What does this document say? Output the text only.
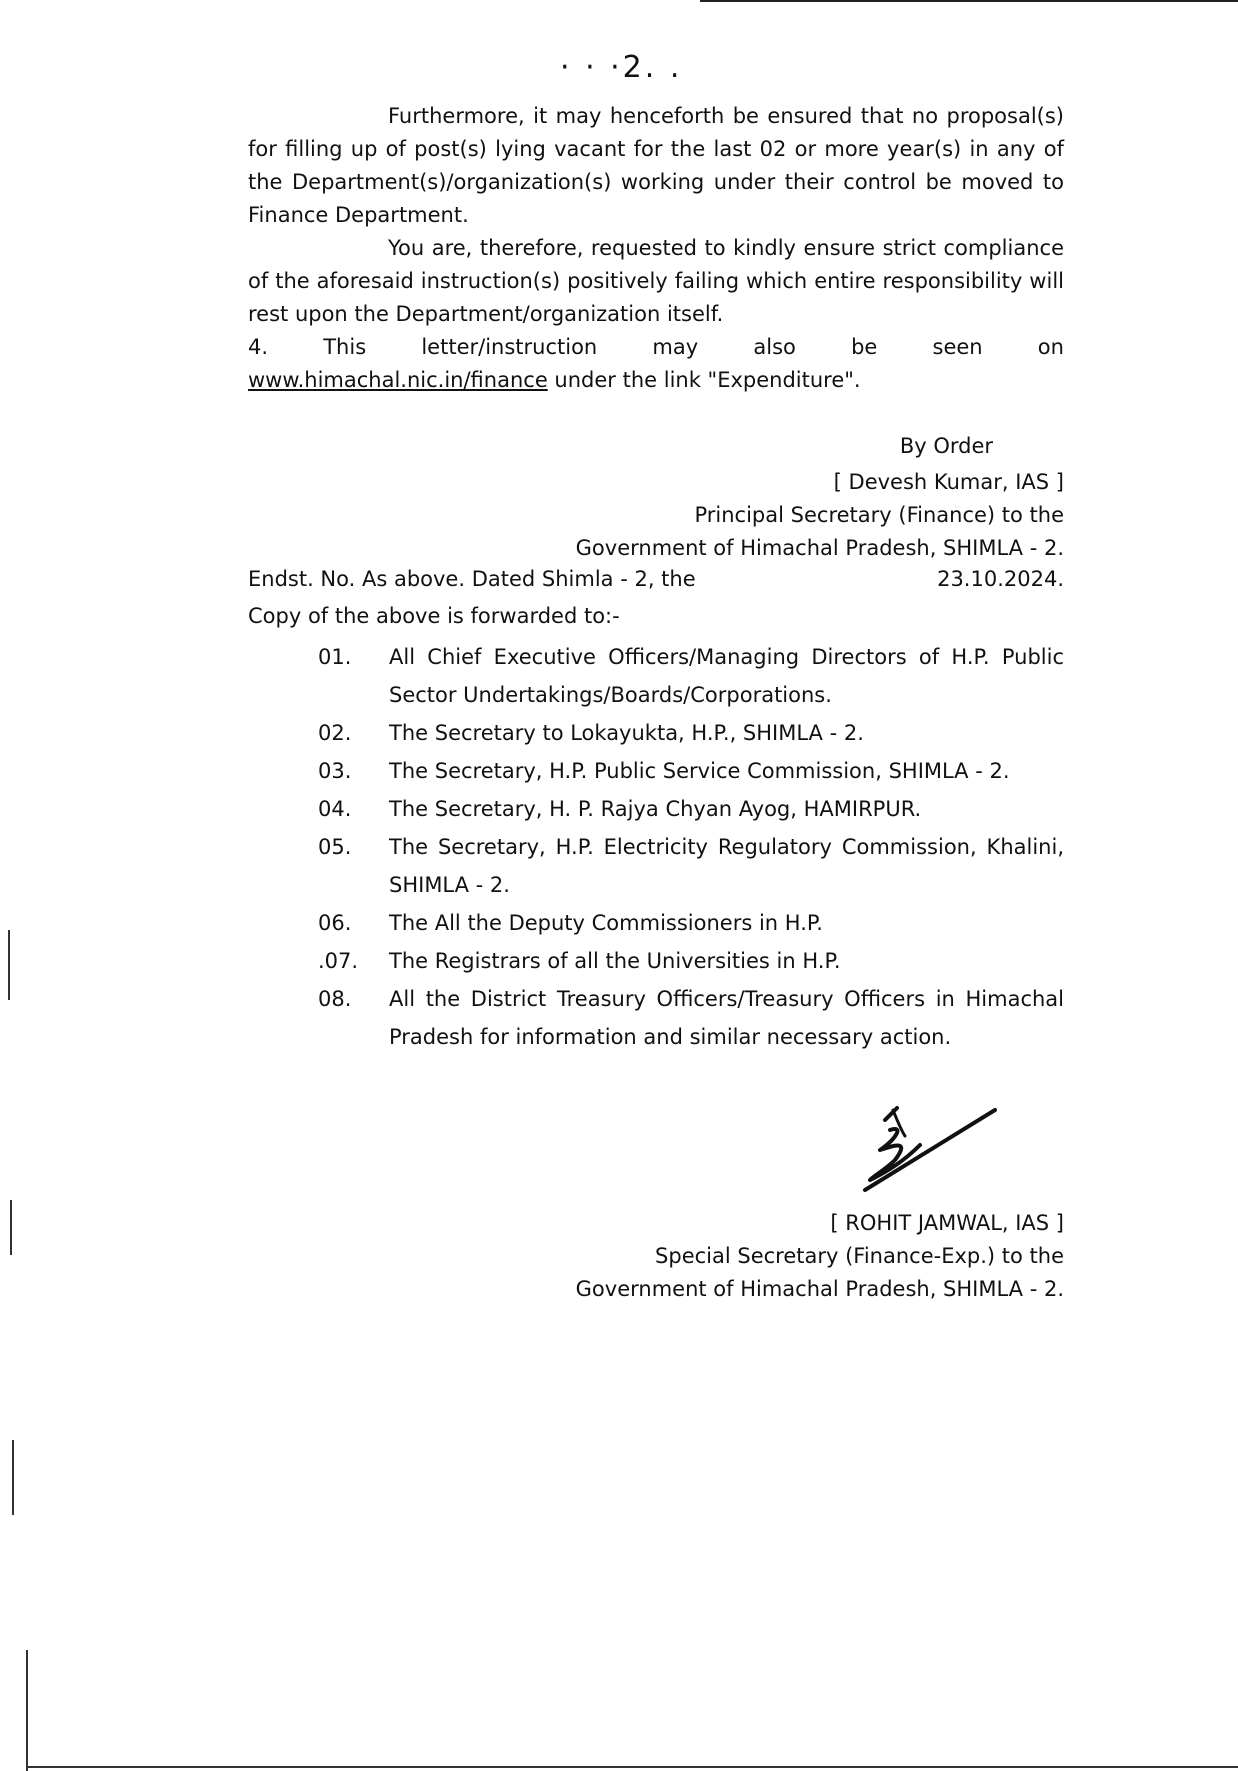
· · ·2. .

Furthermore, it may henceforth be ensured that no proposal(s) for filling up of post(s) lying vacant for the last 02 or more year(s) in any of the Department(s)/organization(s) working under their control be moved to Finance Department.

You are, therefore, requested to kindly ensure strict compliance of the aforesaid instruction(s) positively failing which entire responsibility will rest upon the Department/organization itself.

4.	This	letter/instruction	may	also	be	seen	on

www.himachal.nic.in/finance under the link "Expenditure".

By Order
[ Devesh Kumar, IAS ]
Principal Secretary (Finance) to the
Government of Himachal Pradesh, SHIMLA - 2.
Endst. No. As above. Dated Shimla - 2, the	23.10.2024.
Copy of the above is forwarded to:-
01.	All Chief Executive Officers/Managing Directors of H.P. Public Sector Undertakings/Boards/Corporations.
02.	The Secretary to Lokayukta, H.P., SHIMLA - 2.
03.	The Secretary, H.P. Public Service Commission, SHIMLA - 2.
04.	The Secretary, H. P. Rajya Chyan Ayog, HAMIRPUR.
05.	The Secretary, H.P. Electricity Regulatory Commission, Khalini, SHIMLA - 2.
06.	The All the Deputy Commissioners in H.P.
.07.	The Registrars of all the Universities in H.P.
08.	All the District Treasury Officers/Treasury Officers in Himachal Pradesh for information and similar necessary action.
[ ROHIT JAMWAL, IAS ]
Special Secretary (Finance-Exp.) to the
Government of Himachal Pradesh, SHIMLA - 2.
